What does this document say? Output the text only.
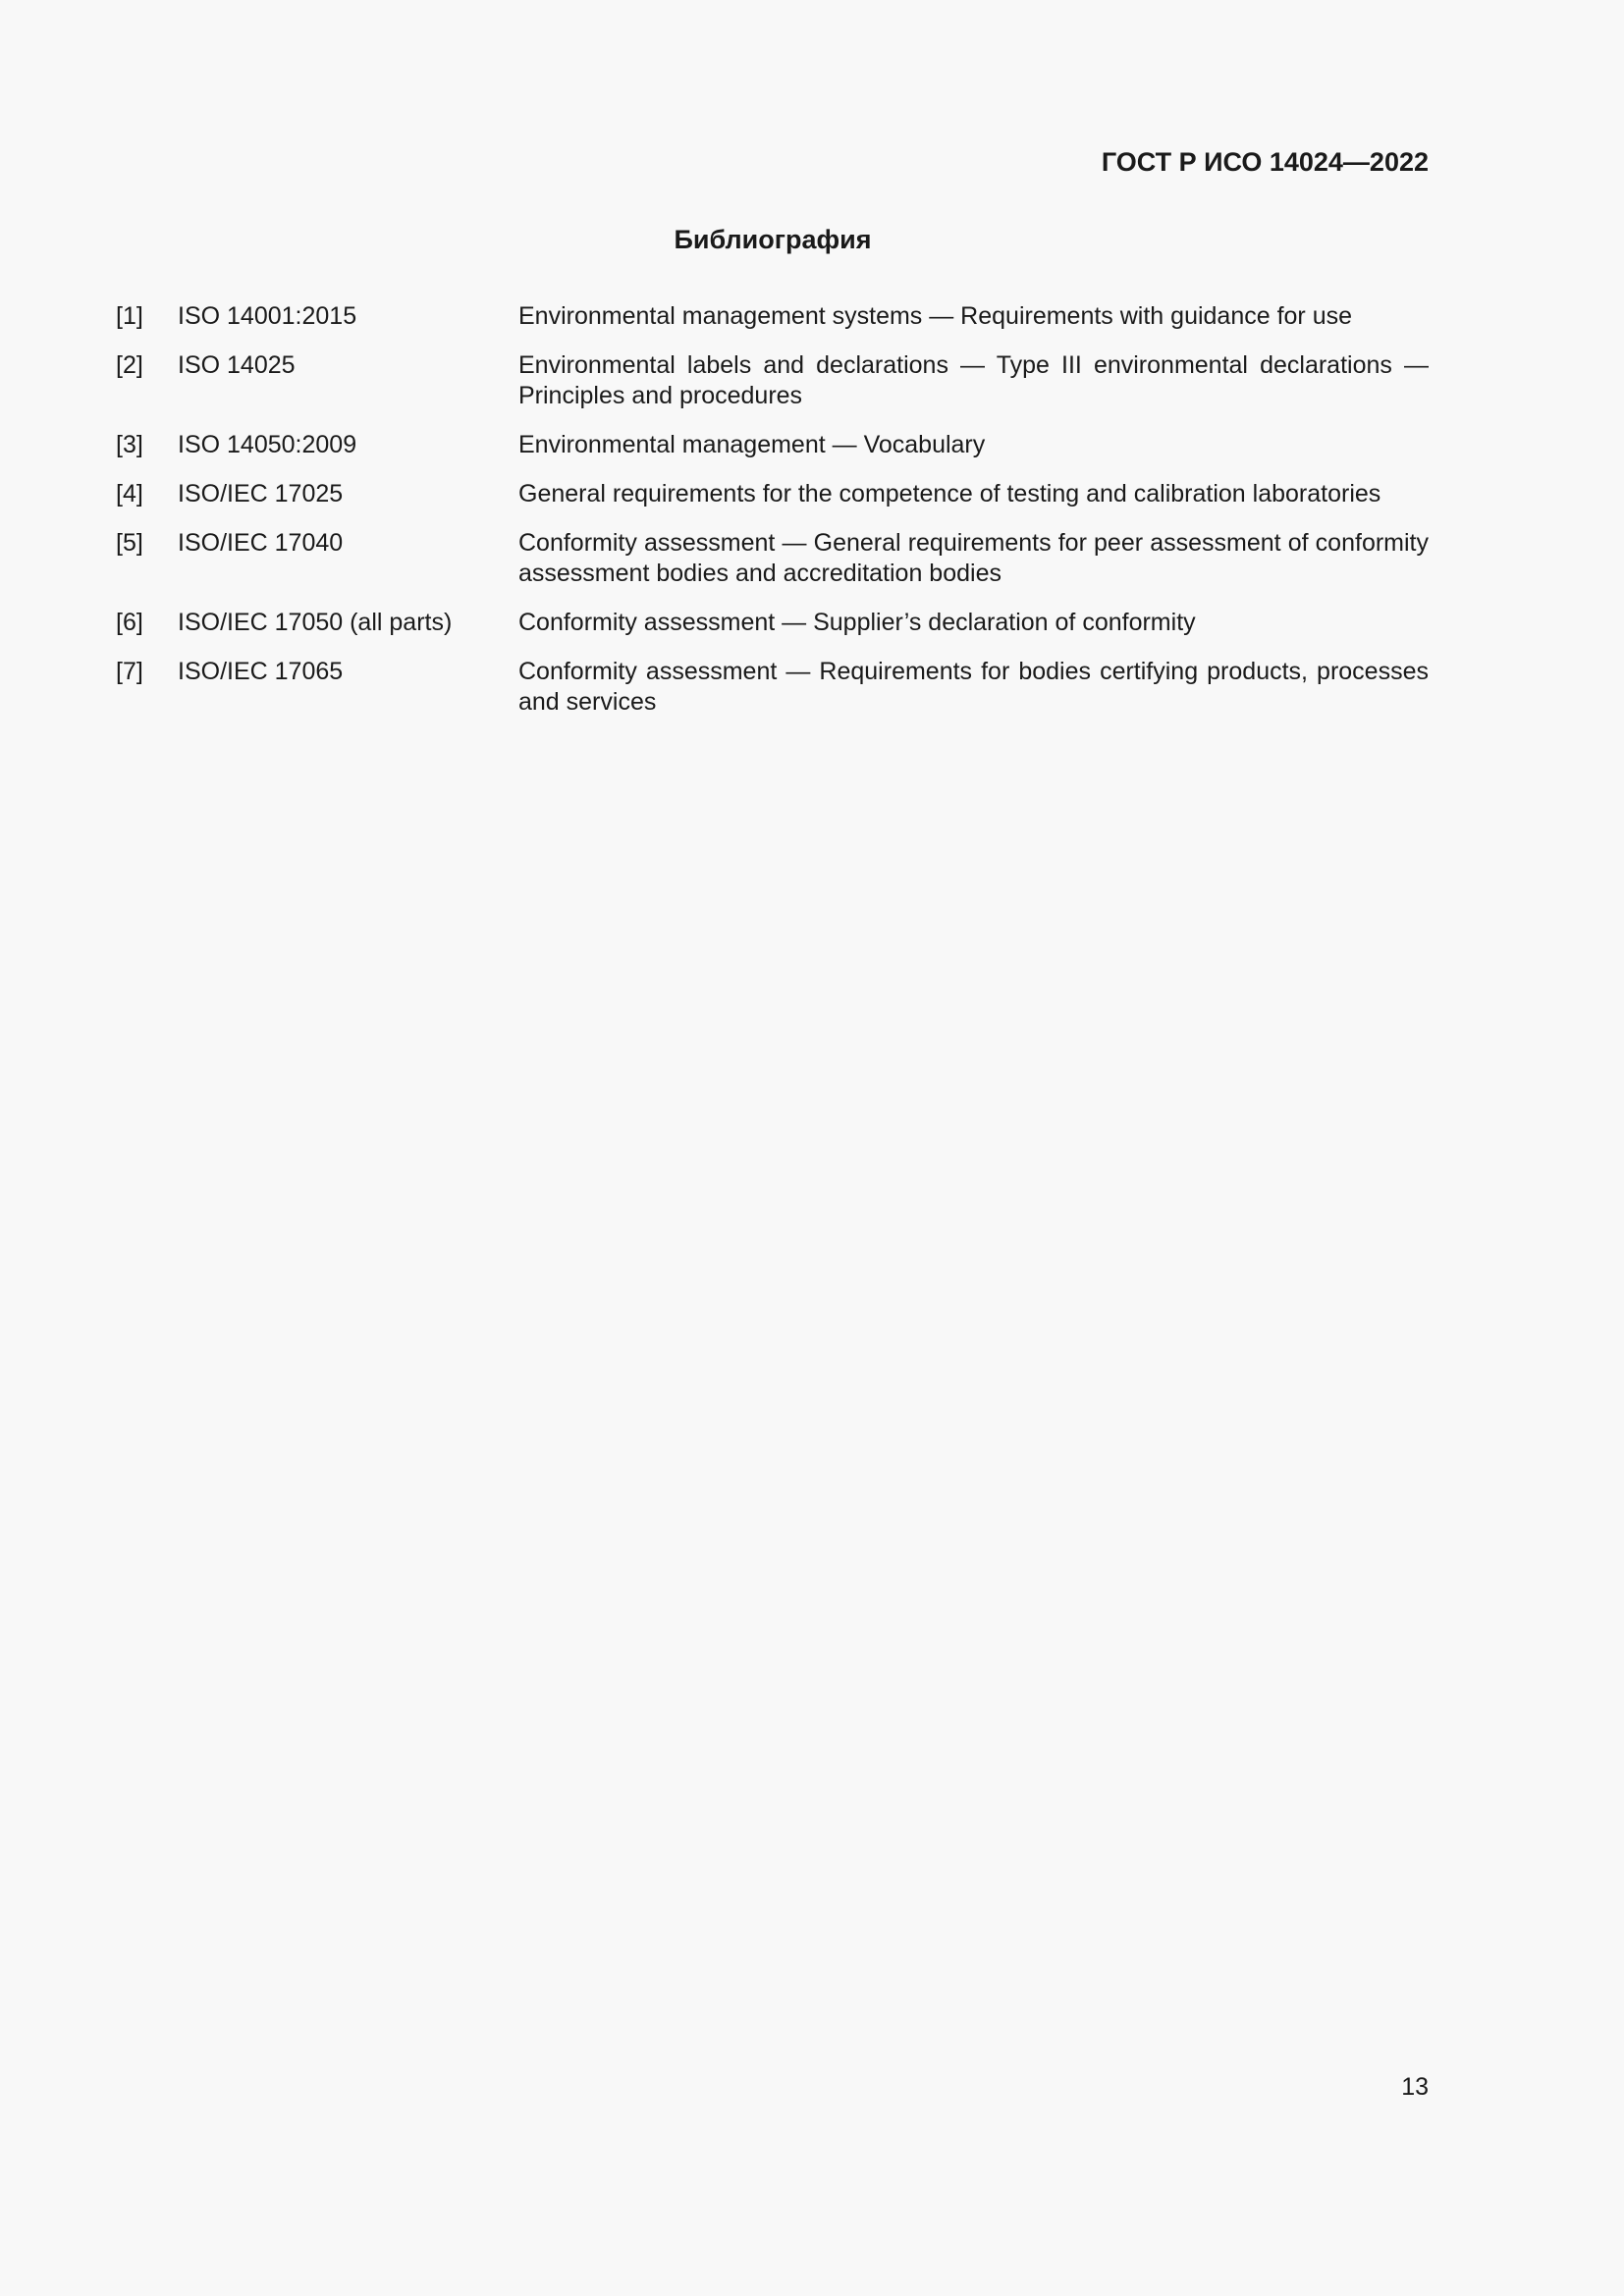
ГОСТ Р ИСО 14024—2022
Библиография
[1]	ISO 14001:2015	Environmental management systems — Requirements with guidance for use
[2]	ISO 14025	Environmental labels and declarations — Type III environmental declarations — Principles and procedures
[3]	ISO 14050:2009	Environmental management — Vocabulary
[4]	ISO/IEC 17025	General requirements for the competence of testing and calibration laboratories
[5]	ISO/IEC 17040	Conformity assessment — General requirements for peer assessment of conformity assessment bodies and accreditation bodies
[6]	ISO/IEC 17050 (all parts)	Conformity assessment — Supplier’s declaration of conformity
[7]	ISO/IEC 17065	Conformity assessment — Requirements for bodies certifying products, processes and services
13
